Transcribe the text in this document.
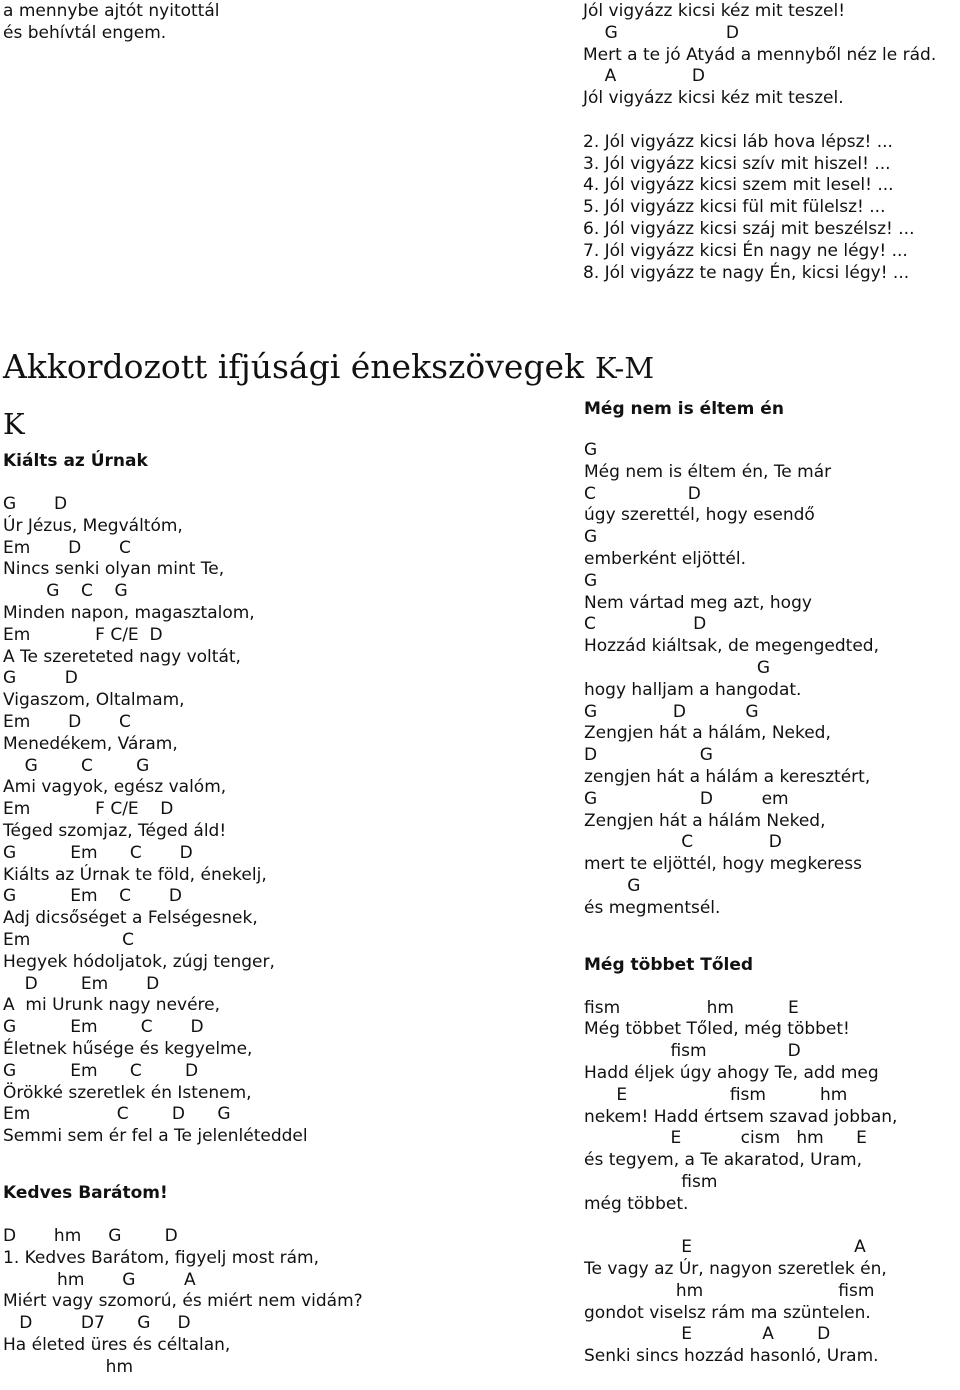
a mennybe ajtót nyitottál
és behívtál engem.
Jól vigyázz kicsi kéz mit teszel!
G                    D
Mert a te jó Atyád a mennyből néz le rád.
A              D
Jól vigyázz kicsi kéz mit teszel.
2. Jól vigyázz kicsi láb hova lépsz! ...
3. Jól vigyázz kicsi szív mit hiszel! ...
4. Jól vigyázz kicsi szem mit lesel! ...
5. Jól vigyázz kicsi fül mit fülelsz! ...
6. Jól vigyázz kicsi száj mit beszélsz! ...
7. Jól vigyázz kicsi Én nagy ne légy! ...
8. Jól vigyázz te nagy Én, kicsi légy! ...
Akkordozott ifjúsági énekszövegek
K
K-M
Kiálts az Úrnak
G       D
Úr Jézus, Megváltóm,
Em       D       C
Nincs senki olyan mint Te,
G    C    G
Minden napon, magasztalom,
Em            F C/E  D
A Te szereteted nagy voltát,
G         D
Vigaszom, Oltalmam,
Em       D       C
Menedékem, Váram,
G        C        G
Ami vagyok, egész valóm,
Em            F C/E    D
Téged szomjaz, Téged áld!
G          Em      C       D
Kiálts az Úrnak te föld, énekelj,
G          Em    C       D
Adj dicsőséget a Felségesnek,
Em                 C
Hegyek hódoljatok, zúgj tenger,
D        Em       D
A  mi Urunk nagy nevére,
G          Em        C       D
Életnek hűsége és kegyelme,
G          Em      C        D
Örökké szeretlek én Istenem,
Em                C        D      G
Semmi sem ér fel a Te jelenléteddel
Kedves Barátom!
D       hm     G        D
1. Kedves Barátom, figyelj most rám,
hm       G         A
Miért vagy szomorú, és miért nem vidám?
D         D7      G     D
Ha életed üres és céltalan,
hm
Még nem is éltem én
G
Még nem is éltem én, Te már
C                 D
úgy szerettél, hogy esendő
G
emberként eljöttél.
G
Nem vártad meg azt, hogy
C                  D
Hozzád kiáltsak, de megengedted,
G
hogy halljam a hangodat.
G              D           G
Zengjen hát a hálám, Neked,
D                   G
zengjen hát a hálám a keresztért,
G                   D         em
Zengjen hát a hálám Neked,
C              D
mert te eljöttél, hogy megkeress
G
és megmentsél.
Még többet Tőled
fism                hm          E
Még többet Tőled, még többet!
fism               D
Hadd éljek úgy ahogy Te, add meg
E                   fism          hm
nekem! Hadd értsem szavad jobban,
E           cism   hm      E
és tegyem, a Te akaratod, Uram,
fism
még többet.
E                              A
Te vagy az Úr, nagyon szeretlek én,
hm                         fism
gondot viselsz rám ma szüntelen.
E             A        D
Senki sincs hozzád hasonló, Uram.
